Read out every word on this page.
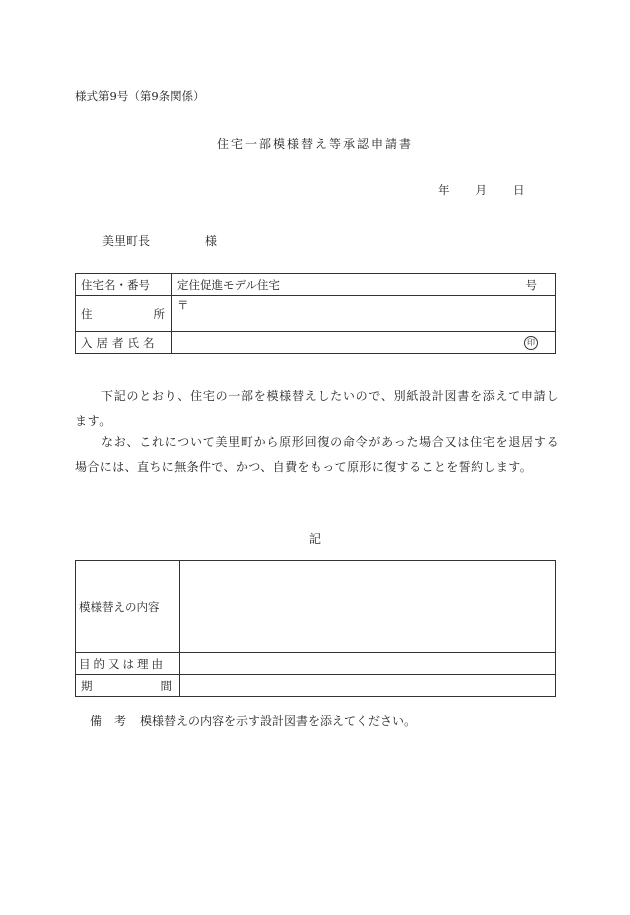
様式第9号（第9条関係）
住宅一部模様替え等承認申請書
年 月 日
美里町長	様
住宅名・番号	定住促進モデル住宅 号

住 所	〒
入居者氏名	印
下記のとおり、住宅の一部を模様替えしたいので、別紙設計図書を添えて申請します。
なお、これについて美里町から原形回復の命令があった場合又は住宅を退居する場合には、直ちに無条件で、かつ、自費をもって原形に復することを誓約します。
記
模様替えの内容	
目的又は理由	

期 間	

備　考 模様替えの内容を示す設計図書を添えてください。
